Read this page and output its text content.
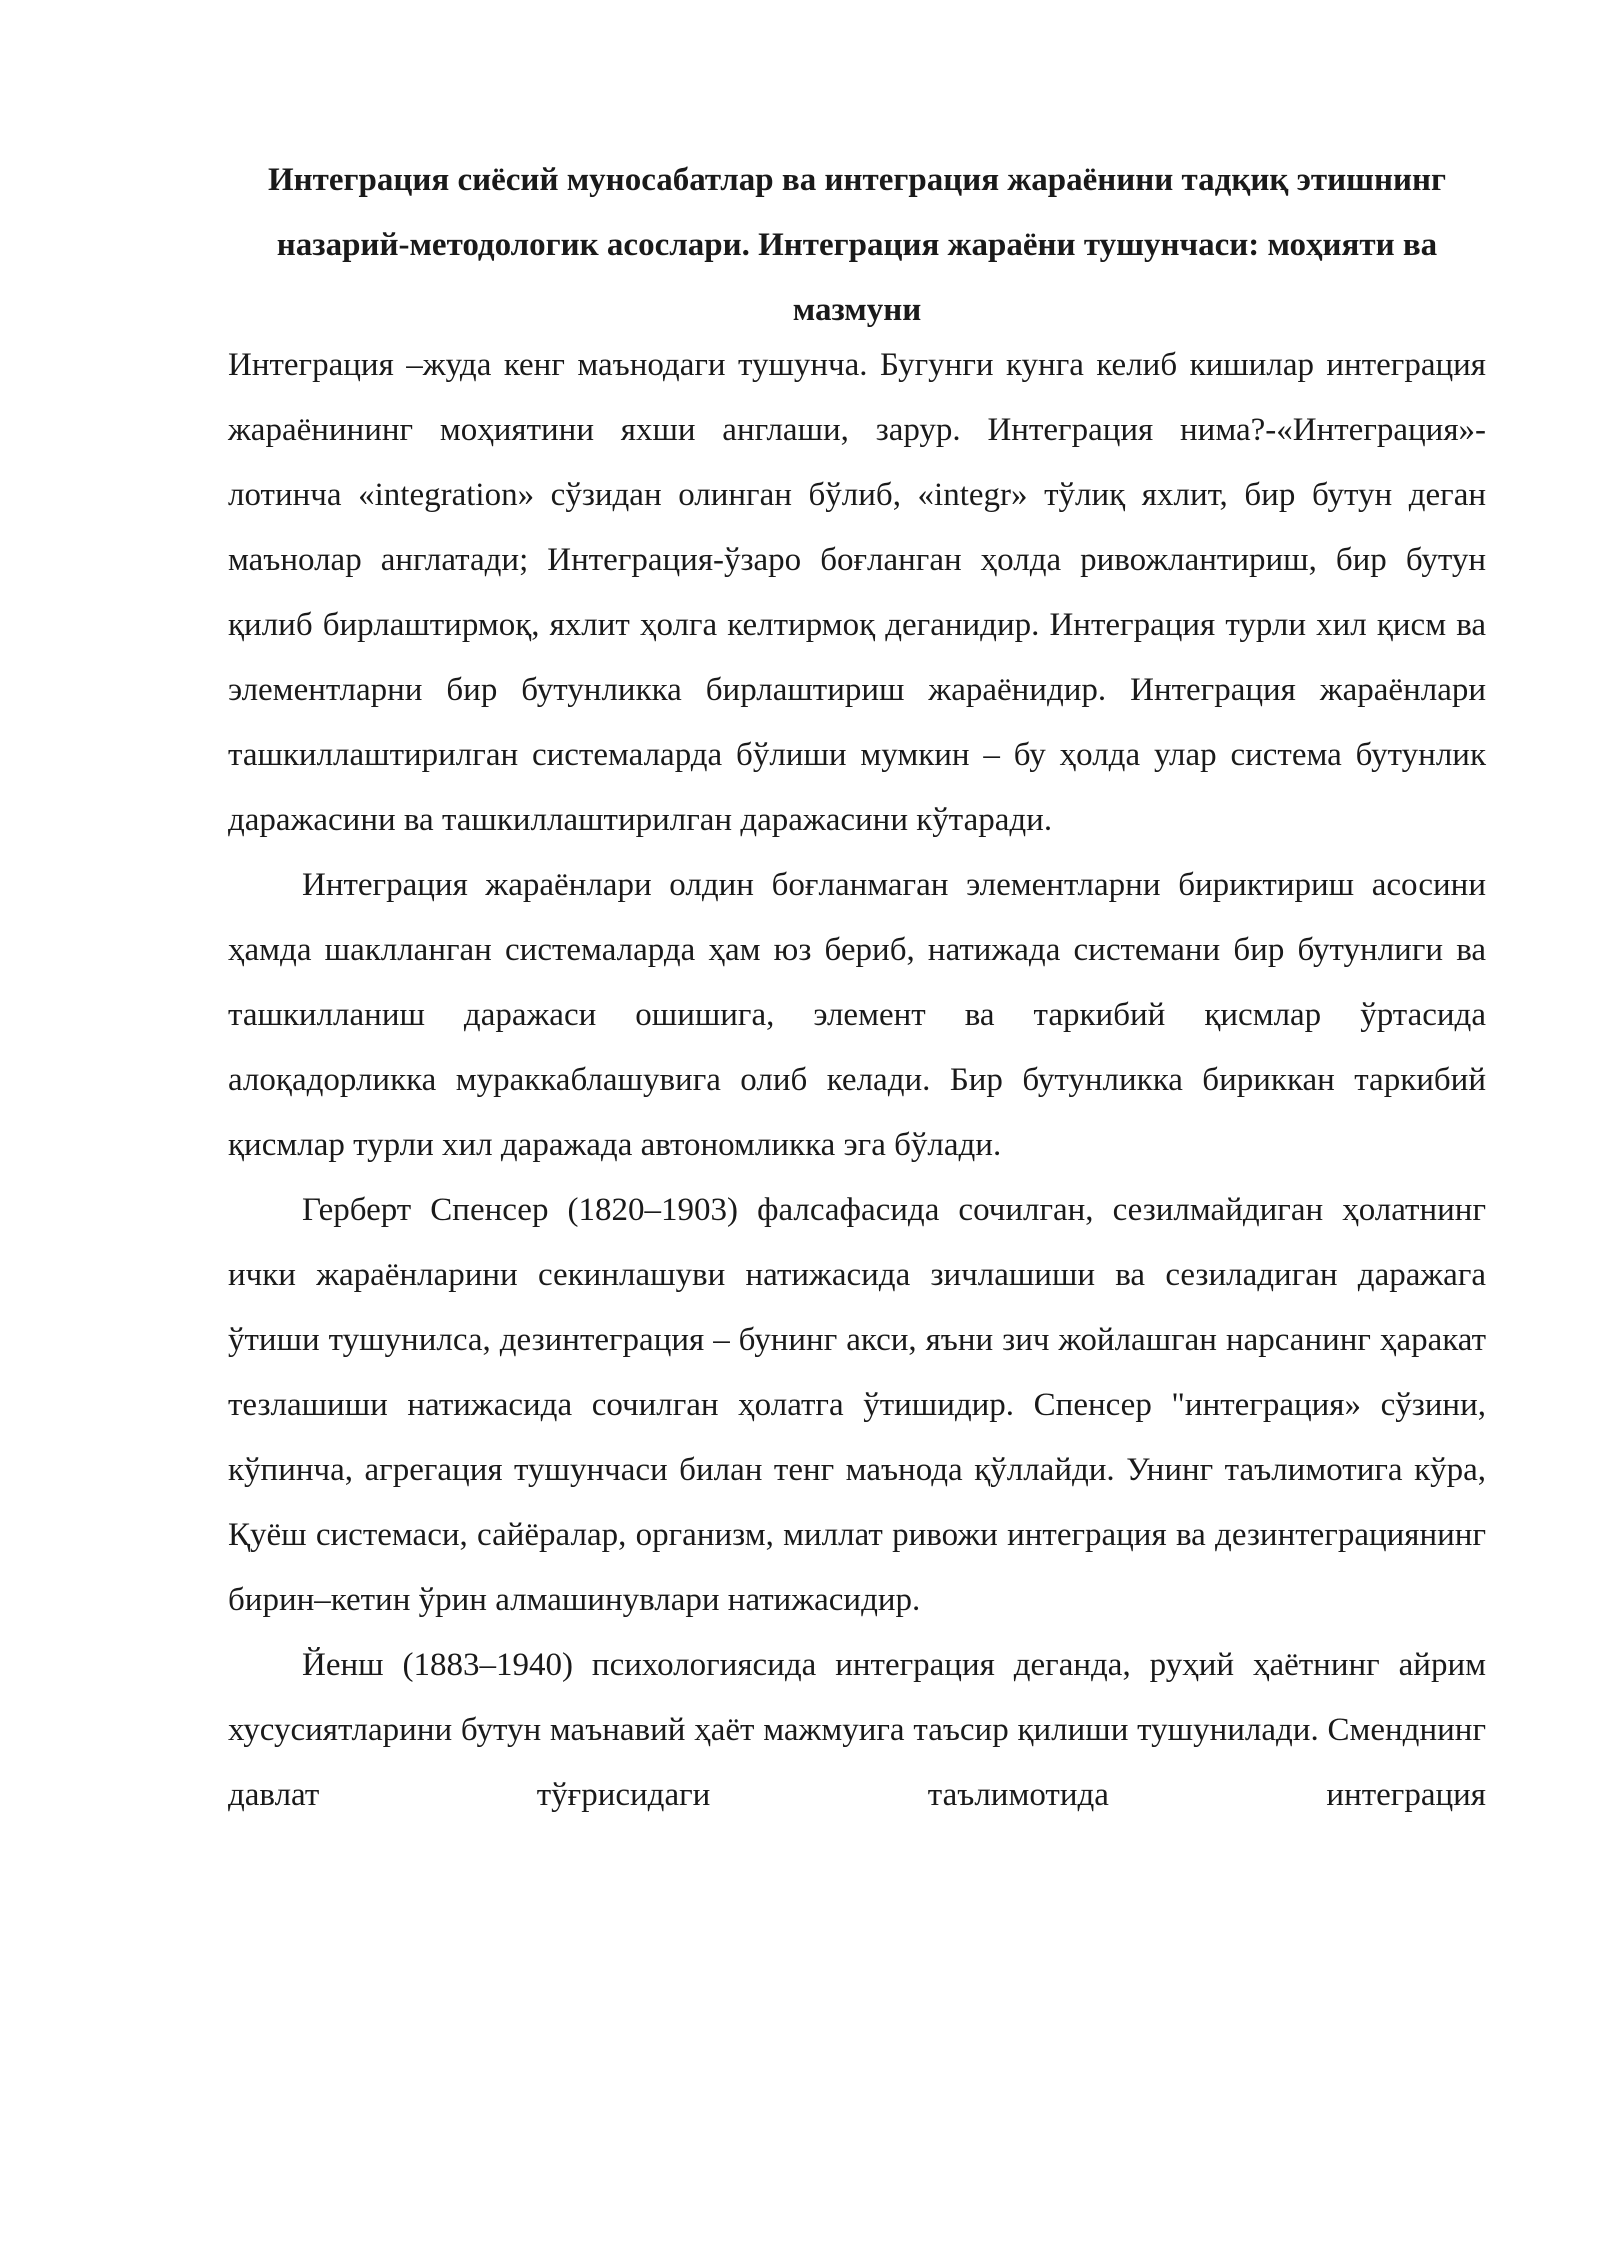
Интеграция сиёсий муносабатлар ва интеграция жараёнини тадқиқ этишнинг назарий-методологик асослари. Интеграция жараёни тушунчаси: моҳияти ва мазмуни

Интеграция –жуда кенг маънодаги тушунча. Бугунги кунга келиб кишилар интеграция жараёнининг моҳиятини яхши англаши, зарур. Интеграция нима?-«Интеграция»-лотинча «integration» сўзидан олинган бўлиб, «integr» тўлиқ яхлит, бир бутун деган маънолар англатади; Интеграция-ўзаро боғланган ҳолда ривожлантириш, бир бутун қилиб бирлаштирмоқ, яхлит ҳолга келтирмоқ деганидир. Интеграция турли хил қисм ва элементларни бир бутунликка бирлаштириш жараёнидир. Интеграция жараёнлари ташкиллаштирилган системаларда бўлиши мумкин – бу ҳолда улар система бутунлик даражасини ва ташкиллаштирилган даражасини кўтаради.

Интеграция жараёнлари олдин боғланмаган элементларни бириктириш асосини ҳамда шаклланган системаларда ҳам юз бериб, натижада системани бир бутунлиги ва ташкилланиш даражаси ошишига, элемент ва таркибий қисмлар ўртасида алоқадорликка мураккаблашувига олиб келади. Бир бутунликка бириккан таркибий қисмлар турли хил даражада автономликка эга бўлади.

Герберт Спенсер (1820–1903) фалсафасида сочилган, сезилмайдиган ҳолатнинг ички жараёнларини секинлашуви натижасида зичлашиши ва сезиладиган даражага ўтиши тушунилса, дезинтеграция – бунинг акси, яъни зич жойлашган нарсанинг ҳаракат тезлашиши натижасида сочилган ҳолатга ўтишидир. Спенсер "интеграция» сўзини, кўпинча, агрегация тушунчаси билан тенг маънода қўллайди. Унинг таълимотига кўра, Қуёш системаси, сайёралар, организм, миллат ривожи интеграция ва дезинтеграциянинг бирин–кетин ўрин алмашинувлари натижасидир.

Йенш (1883–1940) психологиясида интеграция деганда, руҳий ҳаётнинг айрим хусусиятларини бутун маънавий ҳаёт мажмуига таъсир қилиши тушунилади. Сменднинг давлат тўғрисидаги таълимотида интеграция
